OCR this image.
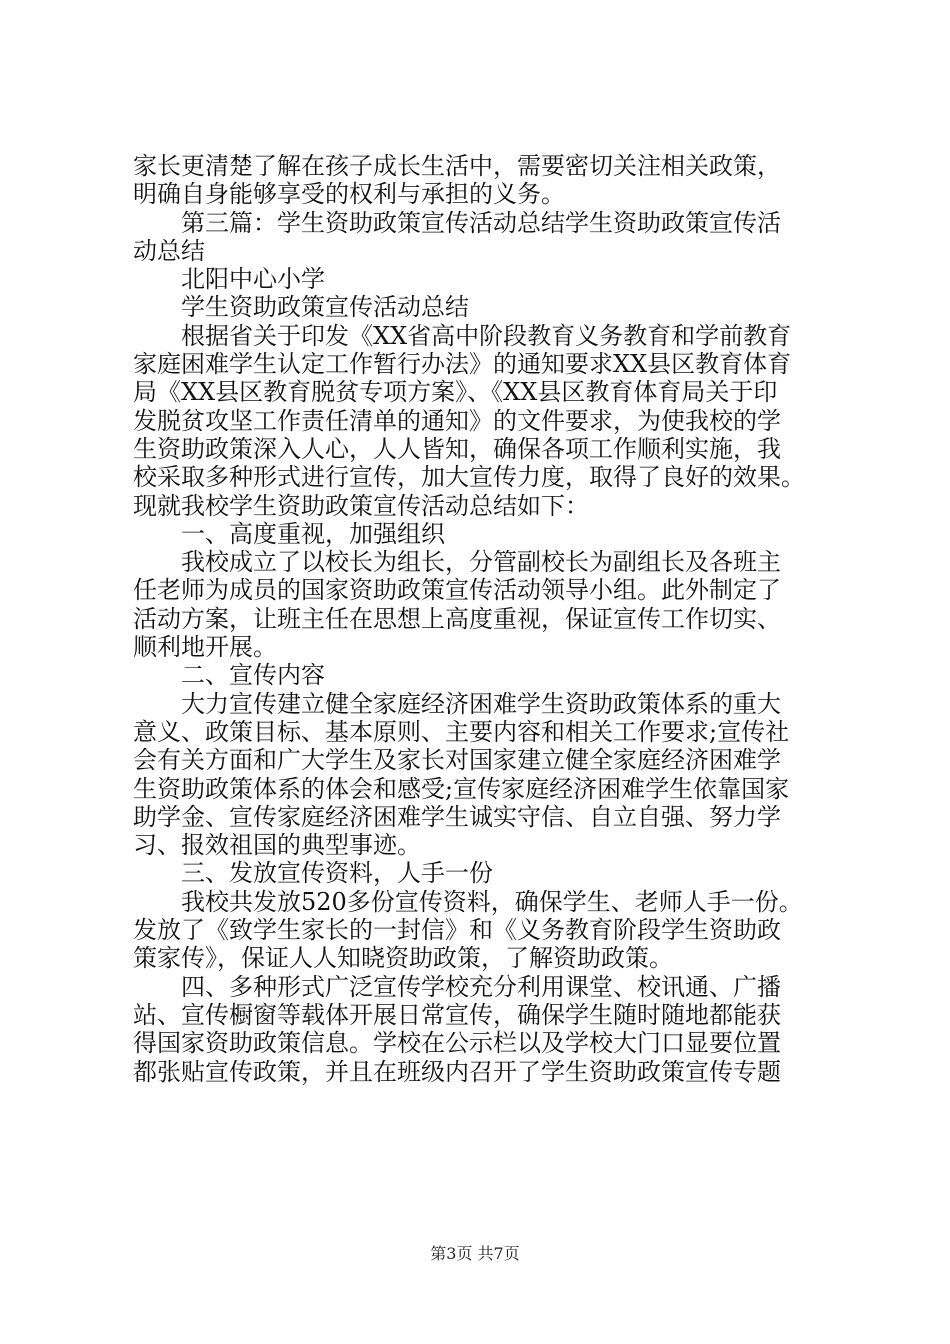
家长更清楚了解在孩子成长生活中，需要密切关注相关政策，
明确自身能够享受的权利与承担的义务。
第三篇：学生资助政策宣传活动总结学生资助政策宣传活
动总结
北阳中心小学
学生资助政策宣传活动总结
根据省关于印发《XX省高中阶段教育义务教育和学前教育
家庭困难学生认定工作暂行办法》的通知要求XX县区教育体育
局《XX县区教育脱贫专项方案》、《XX县区教育体育局关于印
发脱贫攻坚工作责任清单的通知》的文件要求，为使我校的学
生资助政策深入人心，人人皆知，确保各项工作顺利实施，我
校采取多种形式进行宣传，加大宣传力度，取得了良好的效果。
现就我校学生资助政策宣传活动总结如下：
一、高度重视，加强组织
我校成立了以校长为组长，分管副校长为副组长及各班主
任老师为成员的国家资助政策宣传活动领导小组。此外制定了
活动方案，让班主任在思想上高度重视，保证宣传工作切实、
顺利地开展。
二、宣传内容
大力宣传建立健全家庭经济困难学生资助政策体系的重大
意义、政策目标、基本原则、主要内容和相关工作要求;宣传社
会有关方面和广大学生及家长对国家建立健全家庭经济困难学
生资助政策体系的体会和感受;宣传家庭经济困难学生依靠国家
助学金、宣传家庭经济困难学生诚实守信、自立自强、努力学
习、报效祖国的典型事迹。
三、发放宣传资料，人手一份
我校共发放520多份宣传资料，确保学生、老师人手一份。
发放了《致学生家长的一封信》和《义务教育阶段学生资助政
策家传》，保证人人知晓资助政策，了解资助政策。
四、多种形式广泛宣传学校充分利用课堂、校讯通、广播
站、宣传橱窗等载体开展日常宣传，确保学生随时随地都能获
得国家资助政策信息。学校在公示栏以及学校大门口显要位置
都张贴宣传政策，并且在班级内召开了学生资助政策宣传专题
第3页 共7页
